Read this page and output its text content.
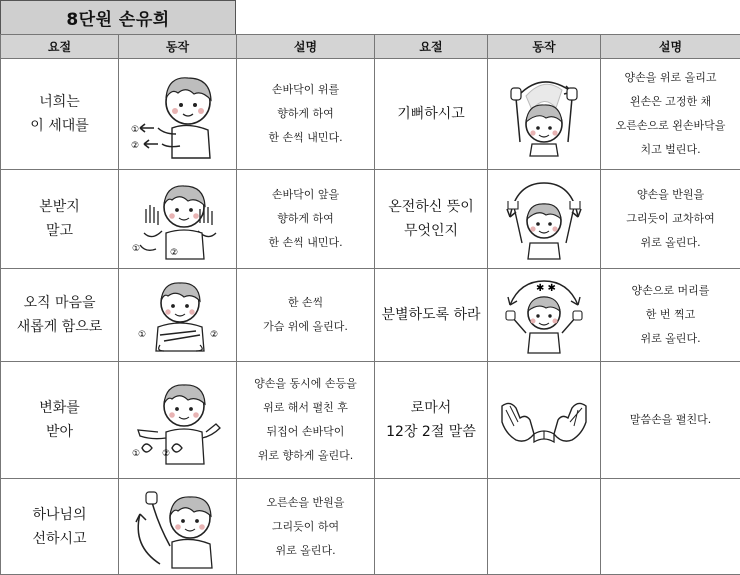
8단원 손유희
요절	동작	설명	요절	동작	설명

너희는
이 세대를	①
②	손바닥이 위를
향하게 하여
한 손씩 내민다.	기뻐하시고		양손을 위로 올리고
왼손은 고정한 채
오른손으로 왼손바닥을
치고 벌린다.

본받지
말고	① ②	손바닥이 앞을
향하게 하여
한 손씩 내민다.	온전하신 뜻이
무엇인지		양손을 반원을
그리듯이 교차하여
위로 올린다.

오직 마음을
새롭게 함으로	① ②	한 손씩
가슴 위에 올린다.	분별하도록 하라	✱ ✱	양손으로 머리를
한 번 찍고
위로 올린다.

변화를
받아	① ②	양손을 동시에 손등을
위로 해서 펼친 후
뒤집어 손바닥이
위로 향하게 올린다.	로마서
12장 2절 말씀		말씀손을 펼친다.

하나님의
선하시고		오른손을 반원을
그리듯이 하여
위로 올린다.			
